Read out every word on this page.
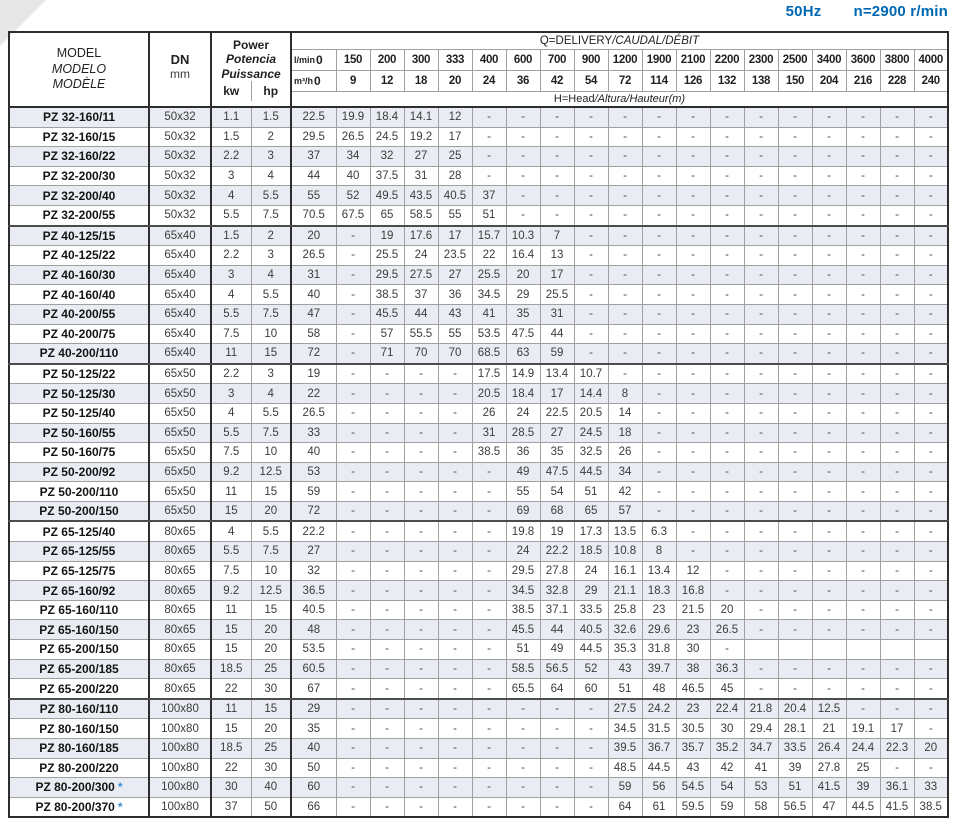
50Hz n=2900 r/min
MODEL
MODELO
MODÈLE

DN
mm

Power
Potencia
Puissance
kw	hp
	Q=DELIVERY/CAUDAL/DÉBIT

				l/min 0	150	200	300	333	400	600	700	900	1200	1900	2100	2200	2300	2500	3400	3600	3800	4000

				m³/h 0	9	12	18	20	24	36	42	54	72	114	126	132	138	150	204	216	228	240
				H=Head/Altura/Hauteur(m)																		
PZ 32-160/11	50x32	1.1	1.5	22.5	19.9	18.4	14.1	12	-	-	-	-	-	-	-	-	-	-	-	-	-	-
PZ 32-160/15	50x32	1.5	2	29.5	26.5	24.5	19.2	17	-	-	-	-	-	-	-	-	-	-	-	-	-	-
PZ 32-160/22	50x32	2.2	3	37	34	32	27	25	-	-	-	-	-	-	-	-	-	-	-	-	-	-
PZ 32-200/30	50x32	3	4	44	40	37.5	31	28	-	-	-	-	-	-	-	-	-	-	-	-	-	-
PZ 32-200/40	50x32	4	5.5	55	52	49.5	43.5	40.5	37	-	-	-	-	-	-	-	-	-	-	-	-	-
PZ 32-200/55	50x32	5.5	7.5	70.5	67.5	65	58.5	55	51	-	-	-	-	-	-	-	-	-	-	-	-	-
PZ 40-125/15	65x40	1.5	2	20	-	19	17.6	17	15.7	10.3	7	-	-	-	-	-	-	-	-	-	-	-
PZ 40-125/22	65x40	2.2	3	26.5	-	25.5	24	23.5	22	16.4	13	-	-	-	-	-	-	-	-	-	-	-
PZ 40-160/30	65x40	3	4	31	-	29.5	27.5	27	25.5	20	17	-	-	-	-	-	-	-	-	-	-	-
PZ 40-160/40	65x40	4	5.5	40	-	38.5	37	36	34.5	29	25.5	-	-	-	-	-	-	-	-	-	-	-
PZ 40-200/55	65x40	5.5	7.5	47	-	45.5	44	43	41	35	31	-	-	-	-	-	-	-	-	-	-	-
PZ 40-200/75	65x40	7.5	10	58	-	57	55.5	55	53.5	47.5	44	-	-	-	-	-	-	-	-	-	-	-
PZ 40-200/110	65x40	11	15	72	-	71	70	70	68.5	63	59	-	-	-	-	-	-	-	-	-	-	-
PZ 50-125/22	65x50	2.2	3	19	-	-	-	-	17.5	14.9	13.4	10.7	-	-	-	-	-	-	-	-	-	-
PZ 50-125/30	65x50	3	4	22	-	-	-	-	20.5	18.4	17	14.4	8	-	-	-	-	-	-	-	-	-
PZ 50-125/40	65x50	4	5.5	26.5	-	-	-	-	26	24	22.5	20.5	14	-	-	-	-	-	-	-	-	-
PZ 50-160/55	65x50	5.5	7.5	33	-	-	-	-	31	28.5	27	24.5	18	-	-	-	-	-	-	-	-	-
PZ 50-160/75	65x50	7.5	10	40	-	-	-	-	38.5	36	35	32.5	26	-	-	-	-	-	-	-	-	-
PZ 50-200/92	65x50	9.2	12.5	53	-	-	-	-	-	49	47.5	44.5	34	-	-	-	-	-	-	-	-	-
PZ 50-200/110	65x50	11	15	59	-	-	-	-	-	55	54	51	42	-	-	-	-	-	-	-	-	-
PZ 50-200/150	65x50	15	20	72	-	-	-	-	-	69	68	65	57	-	-	-	-	-	-	-	-	-
PZ 65-125/40	80x65	4	5.5	22.2	-	-	-	-	-	19.8	19	17.3	13.5	6.3	-	-	-	-	-	-	-	-
PZ 65-125/55	80x65	5.5	7.5	27	-	-	-	-	-	24	22.2	18.5	10.8	8	-	-	-	-	-	-	-	-
PZ 65-125/75	80x65	7.5	10	32	-	-	-	-	-	29.5	27.8	24	16.1	13.4	12	-	-	-	-	-	-	-
PZ 65-160/92	80x65	9.2	12.5	36.5	-	-	-	-	-	34.5	32.8	29	21.1	18.3	16.8	-	-	-	-	-	-	-
PZ 65-160/110	80x65	11	15	40.5	-	-	-	-	-	38.5	37.1	33.5	25.8	23	21.5	20	-	-	-	-	-	-
PZ 65-160/150	80x65	15	20	48	-	-	-	-	-	45.5	44	40.5	32.6	29.6	23	26.5	-	-	-	-	-	-
PZ 65-200/150	80x65	15	20	53.5	-	-	-	-	-	51	49	44.5	35.3	31.8	30	-						
PZ 65-200/185	80x65	18.5	25	60.5	-	-	-	-	-	58.5	56.5	52	43	39.7	38	36.3	-	-	-	-	-	-
PZ 65-200/220	80x65	22	30	67	-	-	-	-	-	65.5	64	60	51	48	46.5	45	-	-	-	-	-	-
PZ 80-160/110	100x80	11	15	29	-	-	-	-	-	-	-	-	27.5	24.2	23	22.4	21.8	20.4	12.5	-	-	-
PZ 80-160/150	100x80	15	20	35	-	-	-	-	-	-	-	-	34.5	31.5	30.5	30	29.4	28.1	21	19.1	17	-
PZ 80-160/185	100x80	18.5	25	40	-	-	-	-	-	-	-	-	39.5	36.7	35.7	35.2	34.7	33.5	26.4	24.4	22.3	20
PZ 80-200/220	100x80	22	30	50	-	-	-	-	-	-	-	-	48.5	44.5	43	42	41	39	27.8	25	-	-
PZ 80-200/300 *	100x80	30	40	60	-	-	-	-	-	-	-	-	59	56	54.5	54	53	51	41.5	39	36.1	33
PZ 80-200/370 *	100x80	37	50	66	-	-	-	-	-	-	-	-	64	61	59.5	59	58	56.5	47	44.5	41.5	38.5
